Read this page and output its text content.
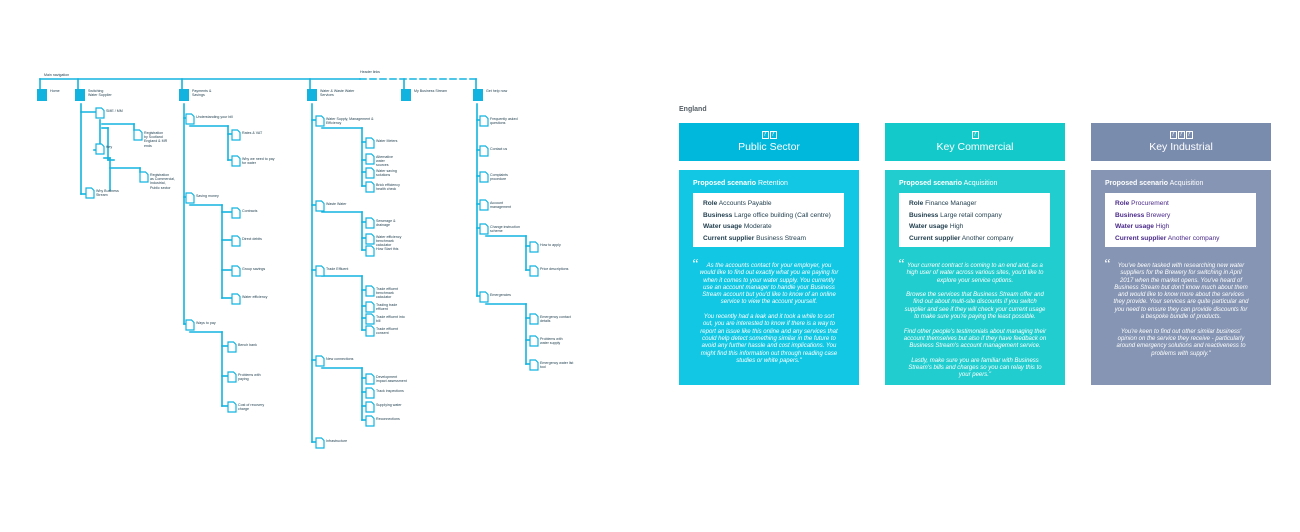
Home	Switching
Water Supplier
Payments &
Savings
Water & Waste Water
Services
My Business Stream	Get help now
SME / MM
Registration
by Scotland
England & MR
ends
Key
Registration
as Commercial,
Industrial,
Public sector
Why Business
Stream
Understanding your bill
Rates & VAT
Why we need to pay
for water
Saving money
Contracts
Direct debits
Group savings
Water efficiency
Ways to pay
Bench bank
Problems with
paying
Cost of recovery
charge
Water Supply, Management &
Efficiency
Water Meters
Alternative
water
sources
Water saving
solutions
Brick efficiency
health check
Waste Water
Sewerage &
drainage
Water efficiency
benchmark
calculator
How Start this
Trade Effluent
Trade effluent
benchmark
calculator
Trading trade
effluent
Trade effluent into
bill
Trade effluent
consent
New connections
Development
impact assessment
Track inspections
Supplying water
Reconnections
Infrastructure
Frequently asked
questions
Contact us
Complaints
procedure
Account
management
Change instruction
scheme
How to apply
Price descriptions
Emergencies
Emergency contact
details
Problems with
water supply
Emergency water list
tool
Main navigation
Header links
England
? ?
Public Sector
Proposed scenario Retention
Role Accounts Payable
Business Large office building (Call centre)
Water usage Moderate
Current supplier Business Stream
“	As the accounts contact for your employer, you
would like to find out exactly what you are paying for
when it comes to your water supply. You currently
use an account manager to handle your Business
Stream account but you'd like to know of an online
service to view the account yourself.

You recently had a leak and it took a while to sort
out, you are interested to know if there is a way to
report an issue like this online and any services that
could help detect something similar in the future to
avoid any further hassle and cost implications. You
might find this information out through reading case
studies or white papers."
?
Key Commercial
Proposed scenario Acquisition
Role Finance Manager
Business Large retail company
Water usage High
Current supplier Another company
“ Your current contract is coming to an end and, as a
high user of water across various sites, you'd like to
explore your service options.

Browse the services that Business Stream offer and
find out about multi-site discounts if you switch
supplier and see if they will check your current usage
to make sure you're paying the least possible.

Find other people's testimonials about managing their
account themselves but also if they have feedback on
Business Stream's account management service.

Lastly, make sure you are familiar with Business
Stream's bills and charges so you can relay this to
your peers."
? ? ?
Key Industrial
Proposed scenario Acquisition
Role Procurement
Business Brewery
Water usage High
Current supplier Another company
“	You've been tasked with researching new water
suppliers for the Brewery for switching in April
2017 when the market opens. You've heard of
Business Stream but don't know much about them
and would like to know more about the services
they provide. Your services are quite particular and
you need to ensure they can provide discounts for
a bespoke bundle of products.

You're keen to find out other similar business'
opinion on the service they receive - particularly
around emergency solutions and reactiveness to
problems with supply."
